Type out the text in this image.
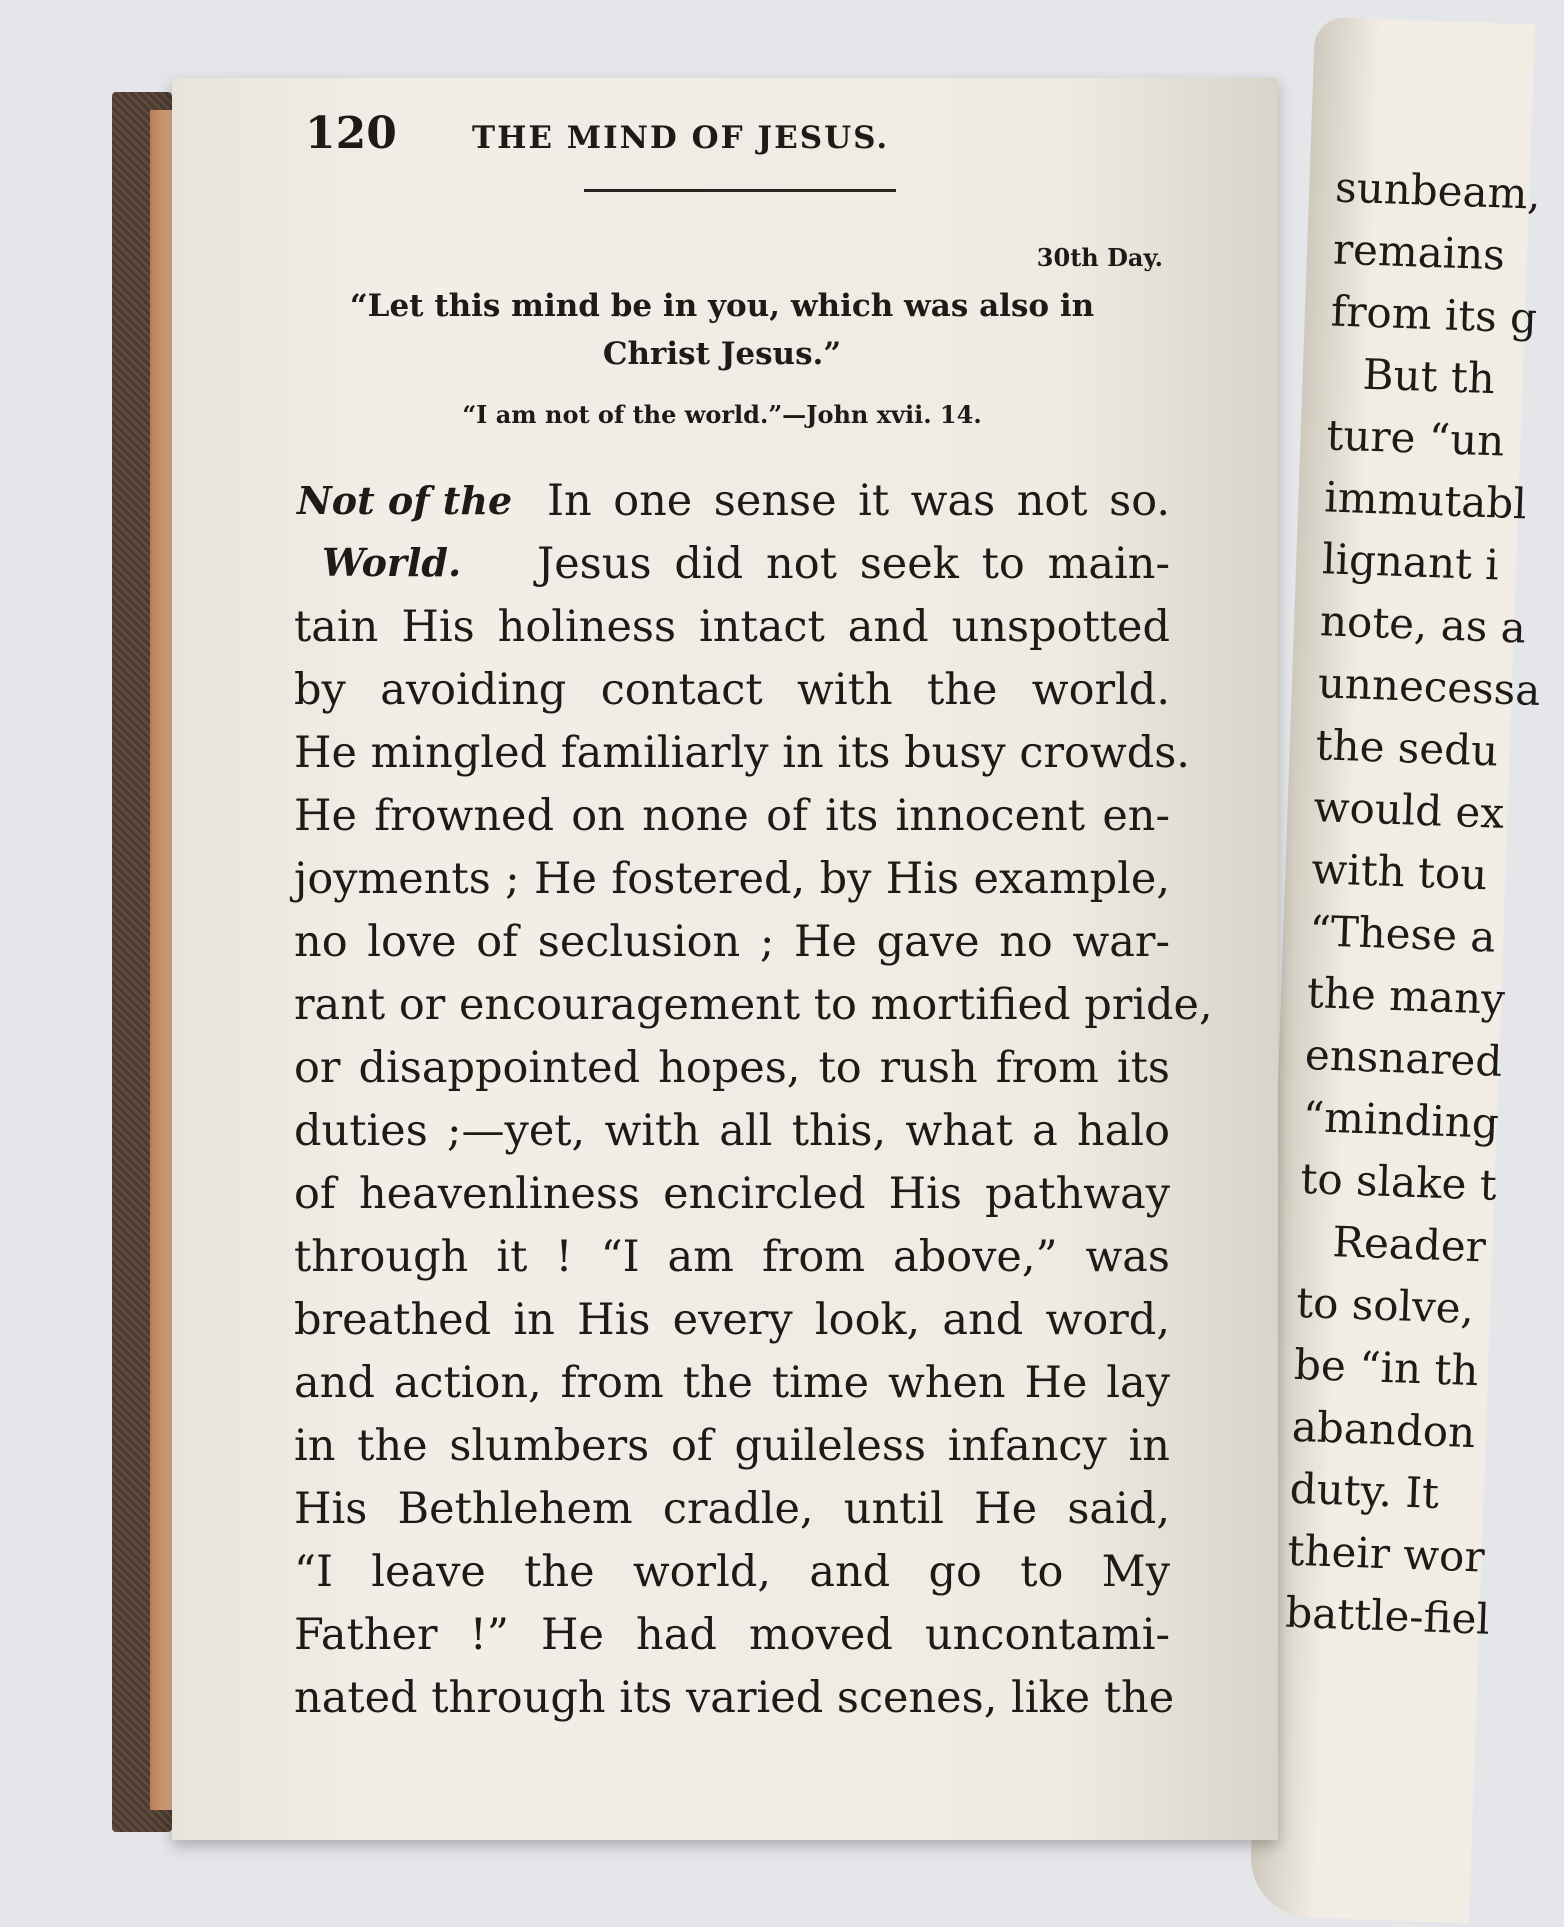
sunbeam,
remains
from its g
But th
ture “un
immutabl
lignant i
note, as a
unnecessa
the sedu
would ex
with tou
“These a
the many
ensnared
“minding
to slake t
Reader
to solve,
be “in th
abandon
duty. It
their wor
battle-fiel
120 THE MIND OF JESUS.
30th Day.
“Let this mind be in you, which was also in
Christ Jesus.”
“I am not of the world.”—John xvii. 14.
Not of the
World.
In one sense it was not so.
Jesus did not seek to main-
tain His holiness intact and unspotted
by avoiding contact with the world.
He mingled familiarly in its busy crowds.
He frowned on none of its innocent en-
joyments ; He fostered, by His example,
no love of seclusion ; He gave no war-
rant or encouragement to mortified pride,
or disappointed hopes, to rush from its
duties ;—yet, with all this, what a halo
of heavenliness encircled His pathway
through it ! “I am from above,” was
breathed in His every look, and word,
and action, from the time when He lay
in the slumbers of guileless infancy in
His Bethlehem cradle, until He said,
“I leave the world, and go to My
Father !” He had moved uncontami-
nated through its varied scenes, like the
